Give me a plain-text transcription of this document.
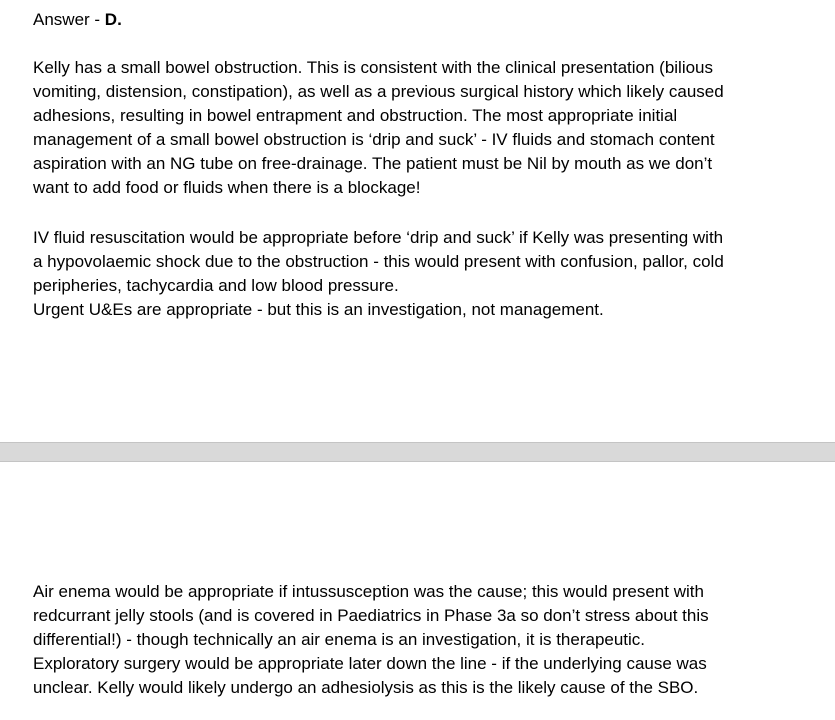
Answer - D.

Kelly has a small bowel obstruction. This is consistent with the clinical presentation (bilious
vomiting, distension, constipation), as well as a previous surgical history which likely caused
adhesions, resulting in bowel entrapment and obstruction. The most appropriate initial
management of a small bowel obstruction is ‘drip and suck’ - IV fluids and stomach content
aspiration with an NG tube on free-drainage. The patient must be Nil by mouth as we don’t
want to add food or fluids when there is a blockage!

IV fluid resuscitation would be appropriate before ‘drip and suck’ if Kelly was presenting with
a hypovolaemic shock due to the obstruction - this would present with confusion, pallor, cold
peripheries, tachycardia and low blood pressure.
Urgent U&Es are appropriate - but this is an investigation, not management.

Air enema would be appropriate if intussusception was the cause; this would present with
redcurrant jelly stools (and is covered in Paediatrics in Phase 3a so don’t stress about this
differential!) - though technically an air enema is an investigation, it is therapeutic.
Exploratory surgery would be appropriate later down the line - if the underlying cause was
unclear. Kelly would likely undergo an adhesiolysis as this is the likely cause of the SBO.
